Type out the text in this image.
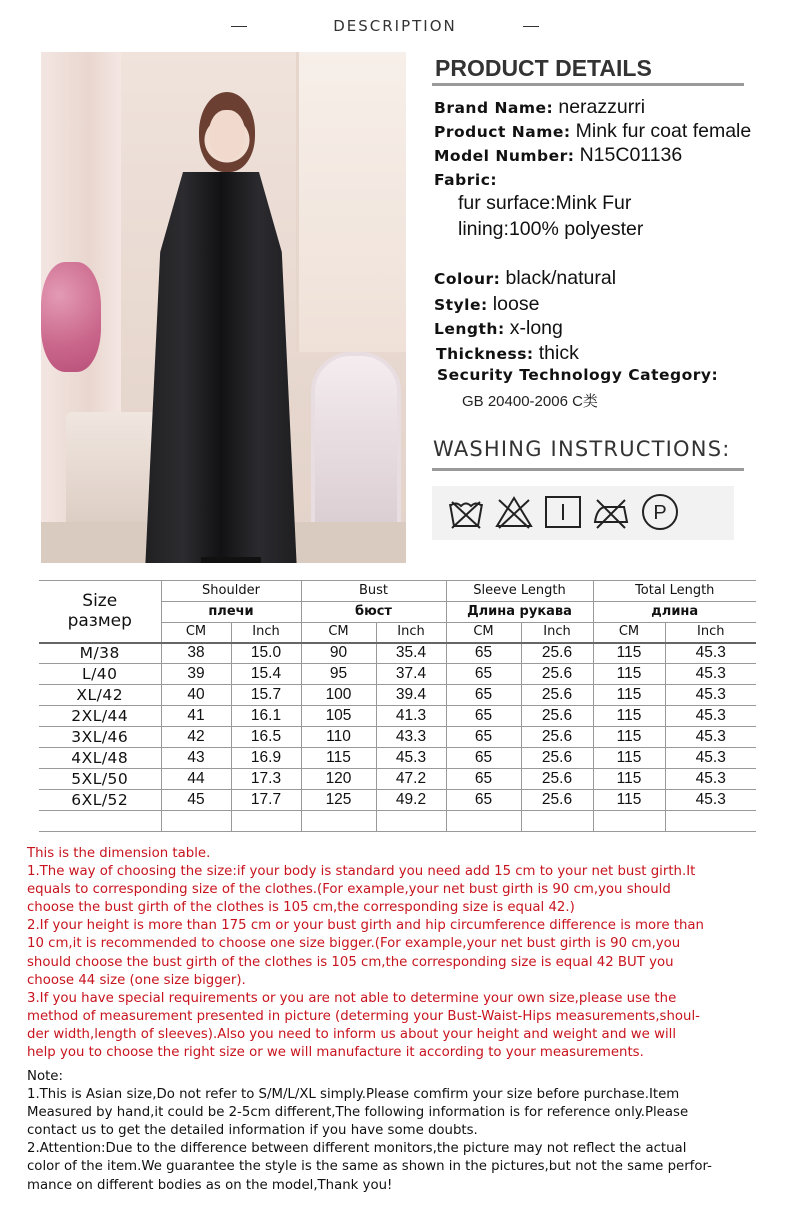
DESCRIPTION
PRODUCT DETAILS
Brand Name: nerazzurri
Product Name: Mink fur coat female
Model Number: N15C01136
Fabric:
fur surface:Mink Fur
lining:100% polyester
Colour: black/natural
Style: loose
Length: x-long
Thickness: thick
Security Technology Category:
GB 20400-2006 C类
WASHING INSTRUCTIONS:
P
Size
размер	Shoulder		Bust		Sleeve Length		Total Length	
	плечи		бюст		Длина рукава		длина	
	CM	Inch	CM	Inch	CM	Inch	CM	Inch
M/38	38	15.0	90	35.4	65	25.6	115	45.3
L/40	39	15.4	95	37.4	65	25.6	115	45.3
XL/42	40	15.7	100	39.4	65	25.6	115	45.3
2XL/44	41	16.1	105	41.3	65	25.6	115	45.3
3XL/46	42	16.5	110	43.3	65	25.6	115	45.3
4XL/48	43	16.9	115	45.3	65	25.6	115	45.3
5XL/50	44	17.3	120	47.2	65	25.6	115	45.3
6XL/52	45	17.7	125	49.2	65	25.6	115	45.3

This is the dimension table.

1.The way of choosing the size:if your body is standard you need add 15 cm to your net bust girth.It

equals to corresponding size of the clothes.(For example,your net bust girth is 90 cm,you should

choose the bust girth of the clothes is 105 cm,the corresponding size is equal 42.)

2.If your height is more than 175 cm or your bust girth and hip circumference difference is more than

10 cm,it is recommended to choose one size bigger.(For example,your net bust girth is 90 cm,you

should choose the bust girth of the clothes is 105 cm,the corresponding size is equal 42 BUT you

choose 44 size (one size bigger).

3.If you have special requirements or you are not able to determine your own size,please use the

method of measurement presented in picture (determing your Bust-Waist-Hips measurements,shoul-

der width,length of sleeves).Also you need to inform us about your height and weight and we will

help you to choose the right size or we will manufacture it according to your measurements.

Note:

1.This is Asian size,Do not refer to S/M/L/XL simply.Please comfirm your size before purchase.Item

Measured by hand,it could be 2-5cm different,The following information is for reference only.Please

contact us to get the detailed information if you have some doubts.

2.Attention:Due to the difference between different monitors,the picture may not reflect the actual

color of the item.We guarantee the style is the same as shown in the pictures,but not the same perfor-

mance on different bodies as on the model,Thank you!
